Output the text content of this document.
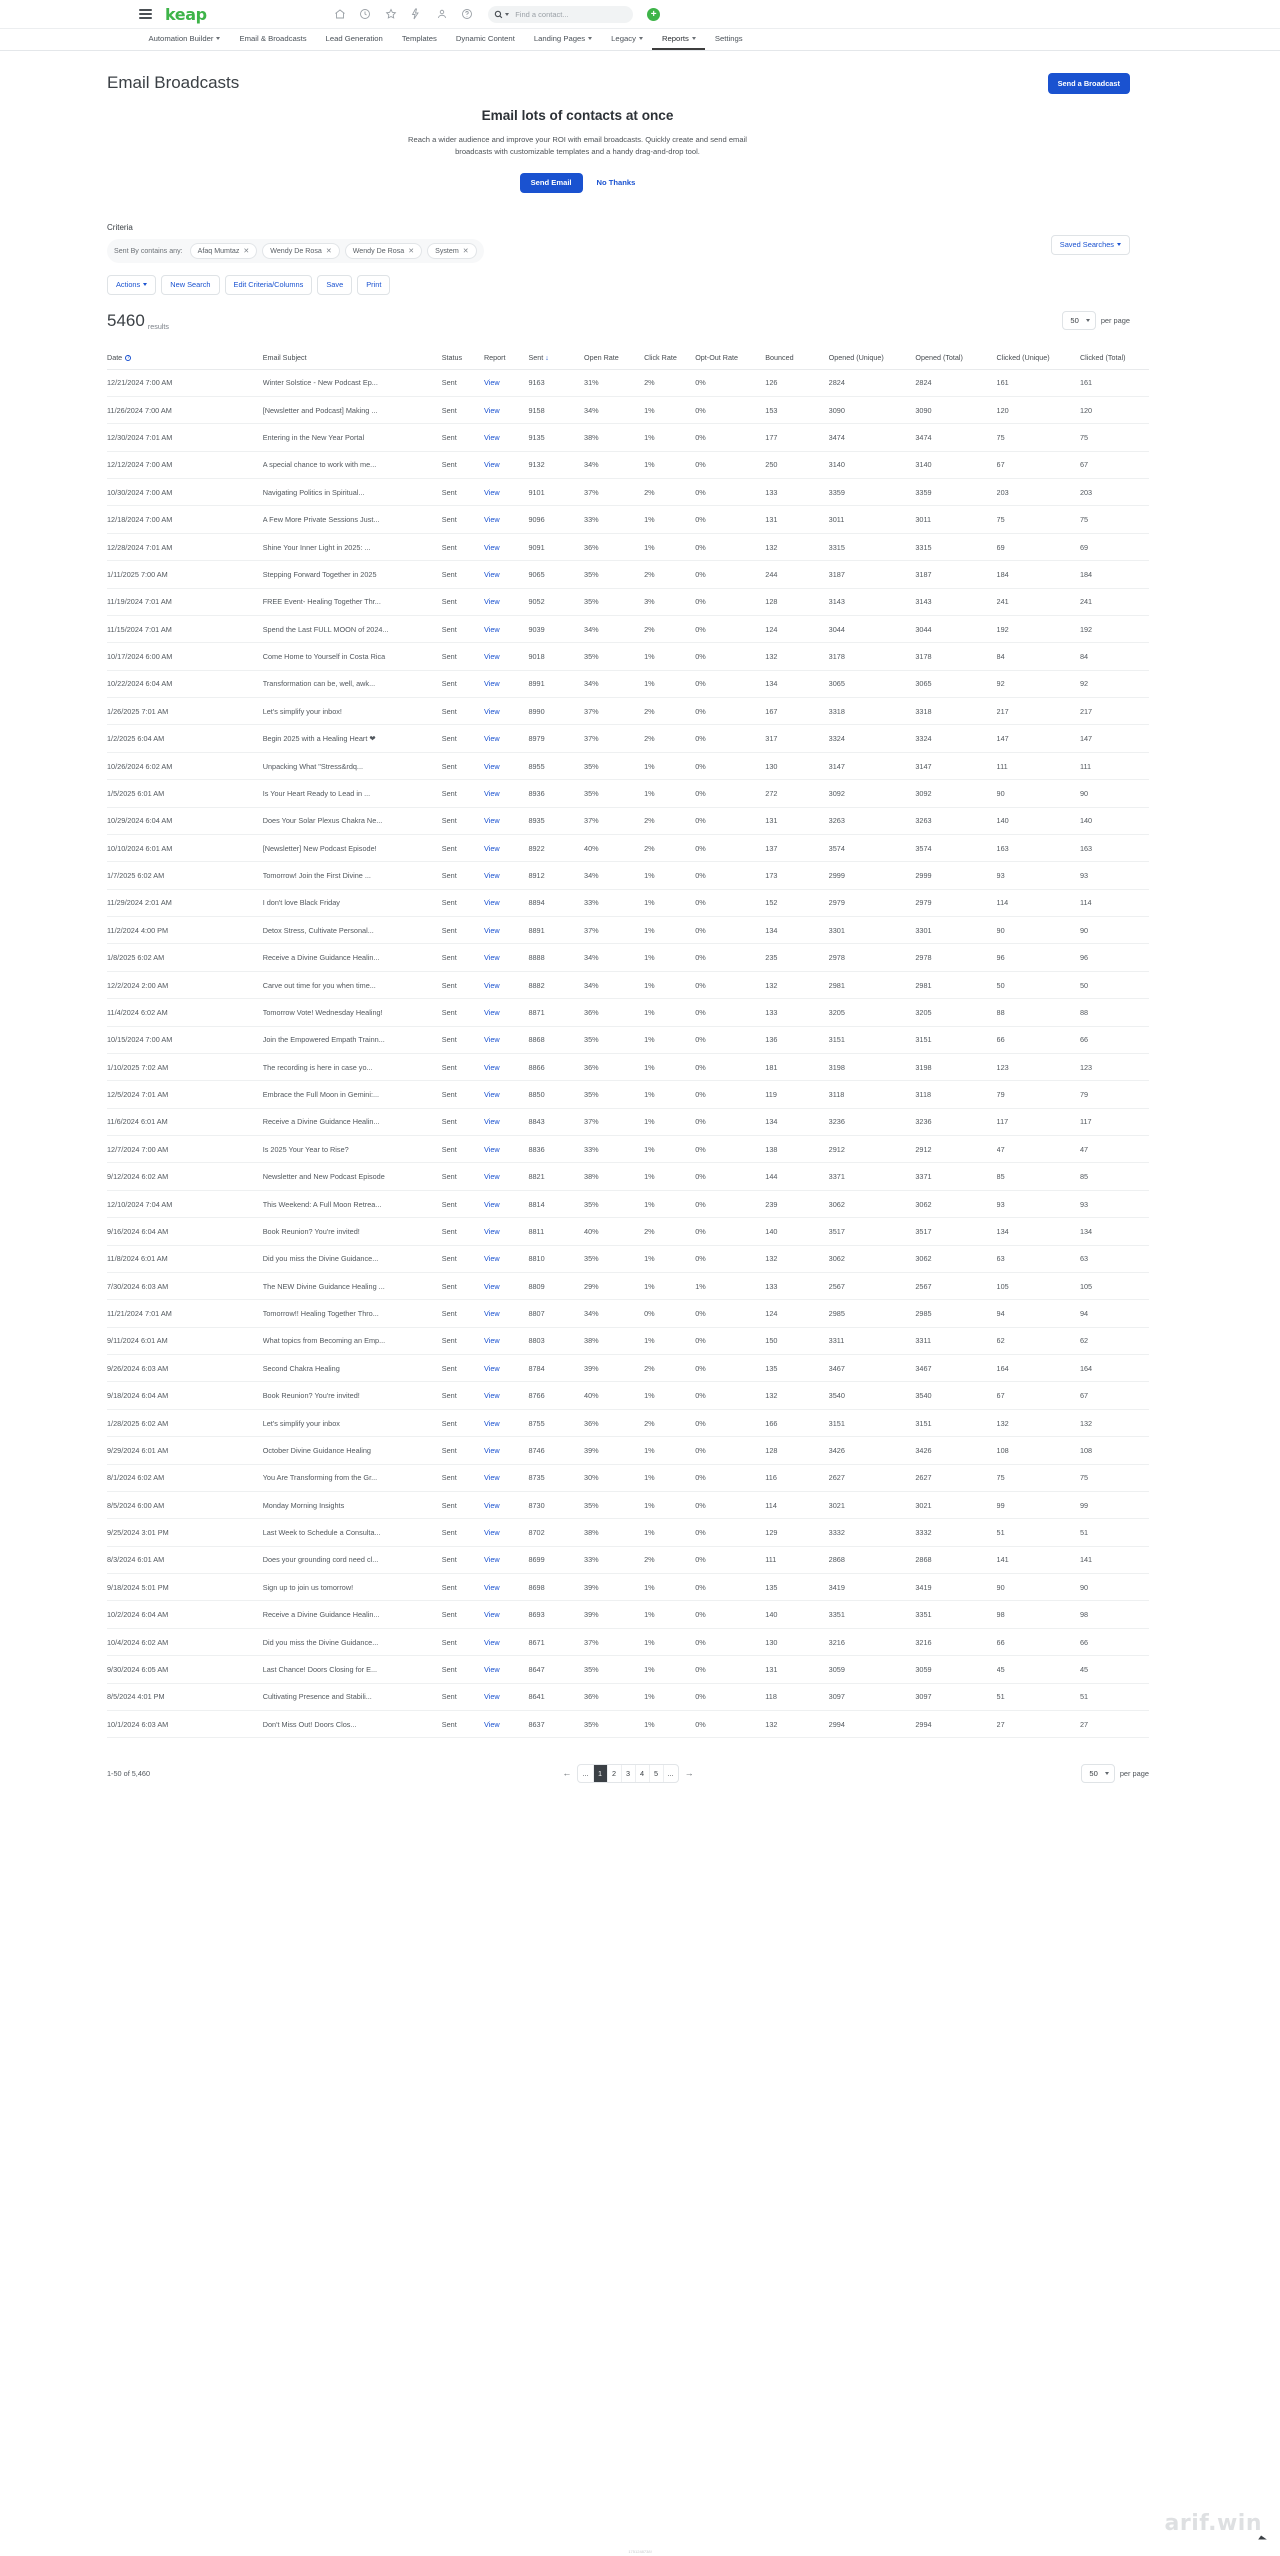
keap	Find a contact...	+
Automation Builder	Email & Broadcasts Lead Generation Templates Dynamic Content Landing Pages	Legacy	Reports	Settings
Email Broadcasts	Send a Broadcast
Email lots of contacts at once

Reach a wider audience and improve your ROI with email broadcasts. Quickly create and send email broadcasts with customizable templates and a handy drag-and-drop tool.

Send Email	No Thanks
Criteria
Sent By contains any: Afaq Mumtaz ✕	Wendy De Rosa ✕	Wendy De Rosa ✕	System ✕
Actions	New Search	Edit Criteria/Columns	Save	Print
Saved Searches
5460 results
50	per page
Date ?	Email Subject	Status	Report	Sent ↓	Open Rate	Click Rate	Opt-Out Rate	Bounced	Opened (Unique)	Opened (Total)	Clicked (Unique)	Clicked (Total)
12/21/2024 7:00 AM	Winter Solstice - New Podcast Ep...	Sent	View	9163	31%	2%	0%	126	2824	2824	161	161
11/26/2024 7:00 AM	[Newsletter and Podcast] Making ...	Sent	View	9158	34%	1%	0%	153	3090	3090	120	120
12/30/2024 7:01 AM	Entering in the New Year Portal	Sent	View	9135	38%	1%	0%	177	3474	3474	75	75
12/12/2024 7:00 AM	A special chance to work with me...	Sent	View	9132	34%	1%	0%	250	3140	3140	67	67
10/30/2024 7:00 AM	Navigating Politics in Spiritual...	Sent	View	9101	37%	2%	0%	133	3359	3359	203	203
12/18/2024 7:00 AM	A Few More Private Sessions Just...	Sent	View	9096	33%	1%	0%	131	3011	3011	75	75
12/28/2024 7:01 AM	Shine Your Inner Light in 2025: ...	Sent	View	9091	36%	1%	0%	132	3315	3315	69	69
1/11/2025 7:00 AM	Stepping Forward Together in 2025	Sent	View	9065	35%	2%	0%	244	3187	3187	184	184
11/19/2024 7:01 AM	FREE Event- Healing Together Thr...	Sent	View	9052	35%	3%	0%	128	3143	3143	241	241
11/15/2024 7:01 AM	Spend the Last FULL MOON of 2024...	Sent	View	9039	34%	2%	0%	124	3044	3044	192	192
10/17/2024 6:00 AM	Come Home to Yourself in Costa Rica	Sent	View	9018	35%	1%	0%	132	3178	3178	84	84
10/22/2024 6:04 AM	Transformation can be, well, awk...	Sent	View	8991	34%	1%	0%	134	3065	3065	92	92
1/26/2025 7:01 AM	Let's simplify your inbox!	Sent	View	8990	37%	2%	0%	167	3318	3318	217	217
1/2/2025 6:04 AM	Begin 2025 with a Healing Heart ❤	Sent	View	8979	37%	2%	0%	317	3324	3324	147	147
10/26/2024 6:02 AM	Unpacking What "Stress&rdq...	Sent	View	8955	35%	1%	0%	130	3147	3147	111	111
1/5/2025 6:01 AM	Is Your Heart Ready to Lead in ...	Sent	View	8936	35%	1%	0%	272	3092	3092	90	90
10/29/2024 6:04 AM	Does Your Solar Plexus Chakra Ne...	Sent	View	8935	37%	2%	0%	131	3263	3263	140	140
10/10/2024 6:01 AM	[Newsletter] New Podcast Episode!	Sent	View	8922	40%	2%	0%	137	3574	3574	163	163
1/7/2025 6:02 AM	Tomorrow! Join the First Divine ...	Sent	View	8912	34%	1%	0%	173	2999	2999	93	93
11/29/2024 2:01 AM	I don't love Black Friday	Sent	View	8894	33%	1%	0%	152	2979	2979	114	114
11/2/2024 4:00 PM	Detox Stress, Cultivate Personal...	Sent	View	8891	37%	1%	0%	134	3301	3301	90	90
1/8/2025 6:02 AM	Receive a Divine Guidance Healin...	Sent	View	8888	34%	1%	0%	235	2978	2978	96	96
12/2/2024 2:00 AM	Carve out time for you when time...	Sent	View	8882	34%	1%	0%	132	2981	2981	50	50
11/4/2024 6:02 AM	Tomorrow Vote! Wednesday Healing!	Sent	View	8871	36%	1%	0%	133	3205	3205	88	88
10/15/2024 7:00 AM	Join the Empowered Empath Trainn...	Sent	View	8868	35%	1%	0%	136	3151	3151	66	66
1/10/2025 7:02 AM	The recording is here in case yo...	Sent	View	8866	36%	1%	0%	181	3198	3198	123	123
12/5/2024 7:01 AM	Embrace the Full Moon in Gemini:...	Sent	View	8850	35%	1%	0%	119	3118	3118	79	79
11/6/2024 6:01 AM	Receive a Divine Guidance Healin...	Sent	View	8843	37%	1%	0%	134	3236	3236	117	117
12/7/2024 7:00 AM	Is 2025 Your Year to Rise?	Sent	View	8836	33%	1%	0%	138	2912	2912	47	47
9/12/2024 6:02 AM	Newsletter and New Podcast Episode	Sent	View	8821	38%	1%	0%	144	3371	3371	85	85
12/10/2024 7:04 AM	This Weekend: A Full Moon Retrea...	Sent	View	8814	35%	1%	0%	239	3062	3062	93	93
9/16/2024 6:04 AM	Book Reunion? You're invited!	Sent	View	8811	40%	2%	0%	140	3517	3517	134	134
11/8/2024 6:01 AM	Did you miss the Divine Guidance...	Sent	View	8810	35%	1%	0%	132	3062	3062	63	63
7/30/2024 6:03 AM	The NEW Divine Guidance Healing ...	Sent	View	8809	29%	1%	1%	133	2567	2567	105	105
11/21/2024 7:01 AM	Tomorrow!! Healing Together Thro...	Sent	View	8807	34%	0%	0%	124	2985	2985	94	94
9/11/2024 6:01 AM	What topics from Becoming an Emp...	Sent	View	8803	38%	1%	0%	150	3311	3311	62	62
9/26/2024 6:03 AM	Second Chakra Healing	Sent	View	8784	39%	2%	0%	135	3467	3467	164	164
9/18/2024 6:04 AM	Book Reunion? You're invited!	Sent	View	8766	40%	1%	0%	132	3540	3540	67	67
1/28/2025 6:02 AM	Let's simplify your inbox	Sent	View	8755	36%	2%	0%	166	3151	3151	132	132
9/29/2024 6:01 AM	October Divine Guidance Healing	Sent	View	8746	39%	1%	0%	128	3426	3426	108	108
8/1/2024 6:02 AM	You Are Transforming from the Gr...	Sent	View	8735	30%	1%	0%	116	2627	2627	75	75
8/5/2024 6:00 AM	Monday Morning Insights	Sent	View	8730	35%	1%	0%	114	3021	3021	99	99
9/25/2024 3:01 PM	Last Week to Schedule a Consulta...	Sent	View	8702	38%	1%	0%	129	3332	3332	51	51
8/3/2024 6:01 AM	Does your grounding cord need cl...	Sent	View	8699	33%	2%	0%	111	2868	2868	141	141
9/18/2024 5:01 PM	Sign up to join us tomorrow!	Sent	View	8698	39%	1%	0%	135	3419	3419	90	90
10/2/2024 6:04 AM	Receive a Divine Guidance Healin...	Sent	View	8693	39%	1%	0%	140	3351	3351	98	98
10/4/2024 6:02 AM	Did you miss the Divine Guidance...	Sent	View	8671	37%	1%	0%	130	3216	3216	66	66
9/30/2024 6:05 AM	Last Chance! Doors Closing for E...	Sent	View	8647	35%	1%	0%	131	3059	3059	45	45
8/5/2024 4:01 PM	Cultivating Presence and Stabili...	Sent	View	8641	36%	1%	0%	118	3097	3097	51	51
10/1/2024 6:03 AM	Don't Miss Out! Doors Clos...	Sent	View	8637	35%	1%	0%	132	2994	2994	27	27
1-50 of 5,460	←	...	1	2	3	4	5	...	→	50	per page
arif.win
1751248738!
